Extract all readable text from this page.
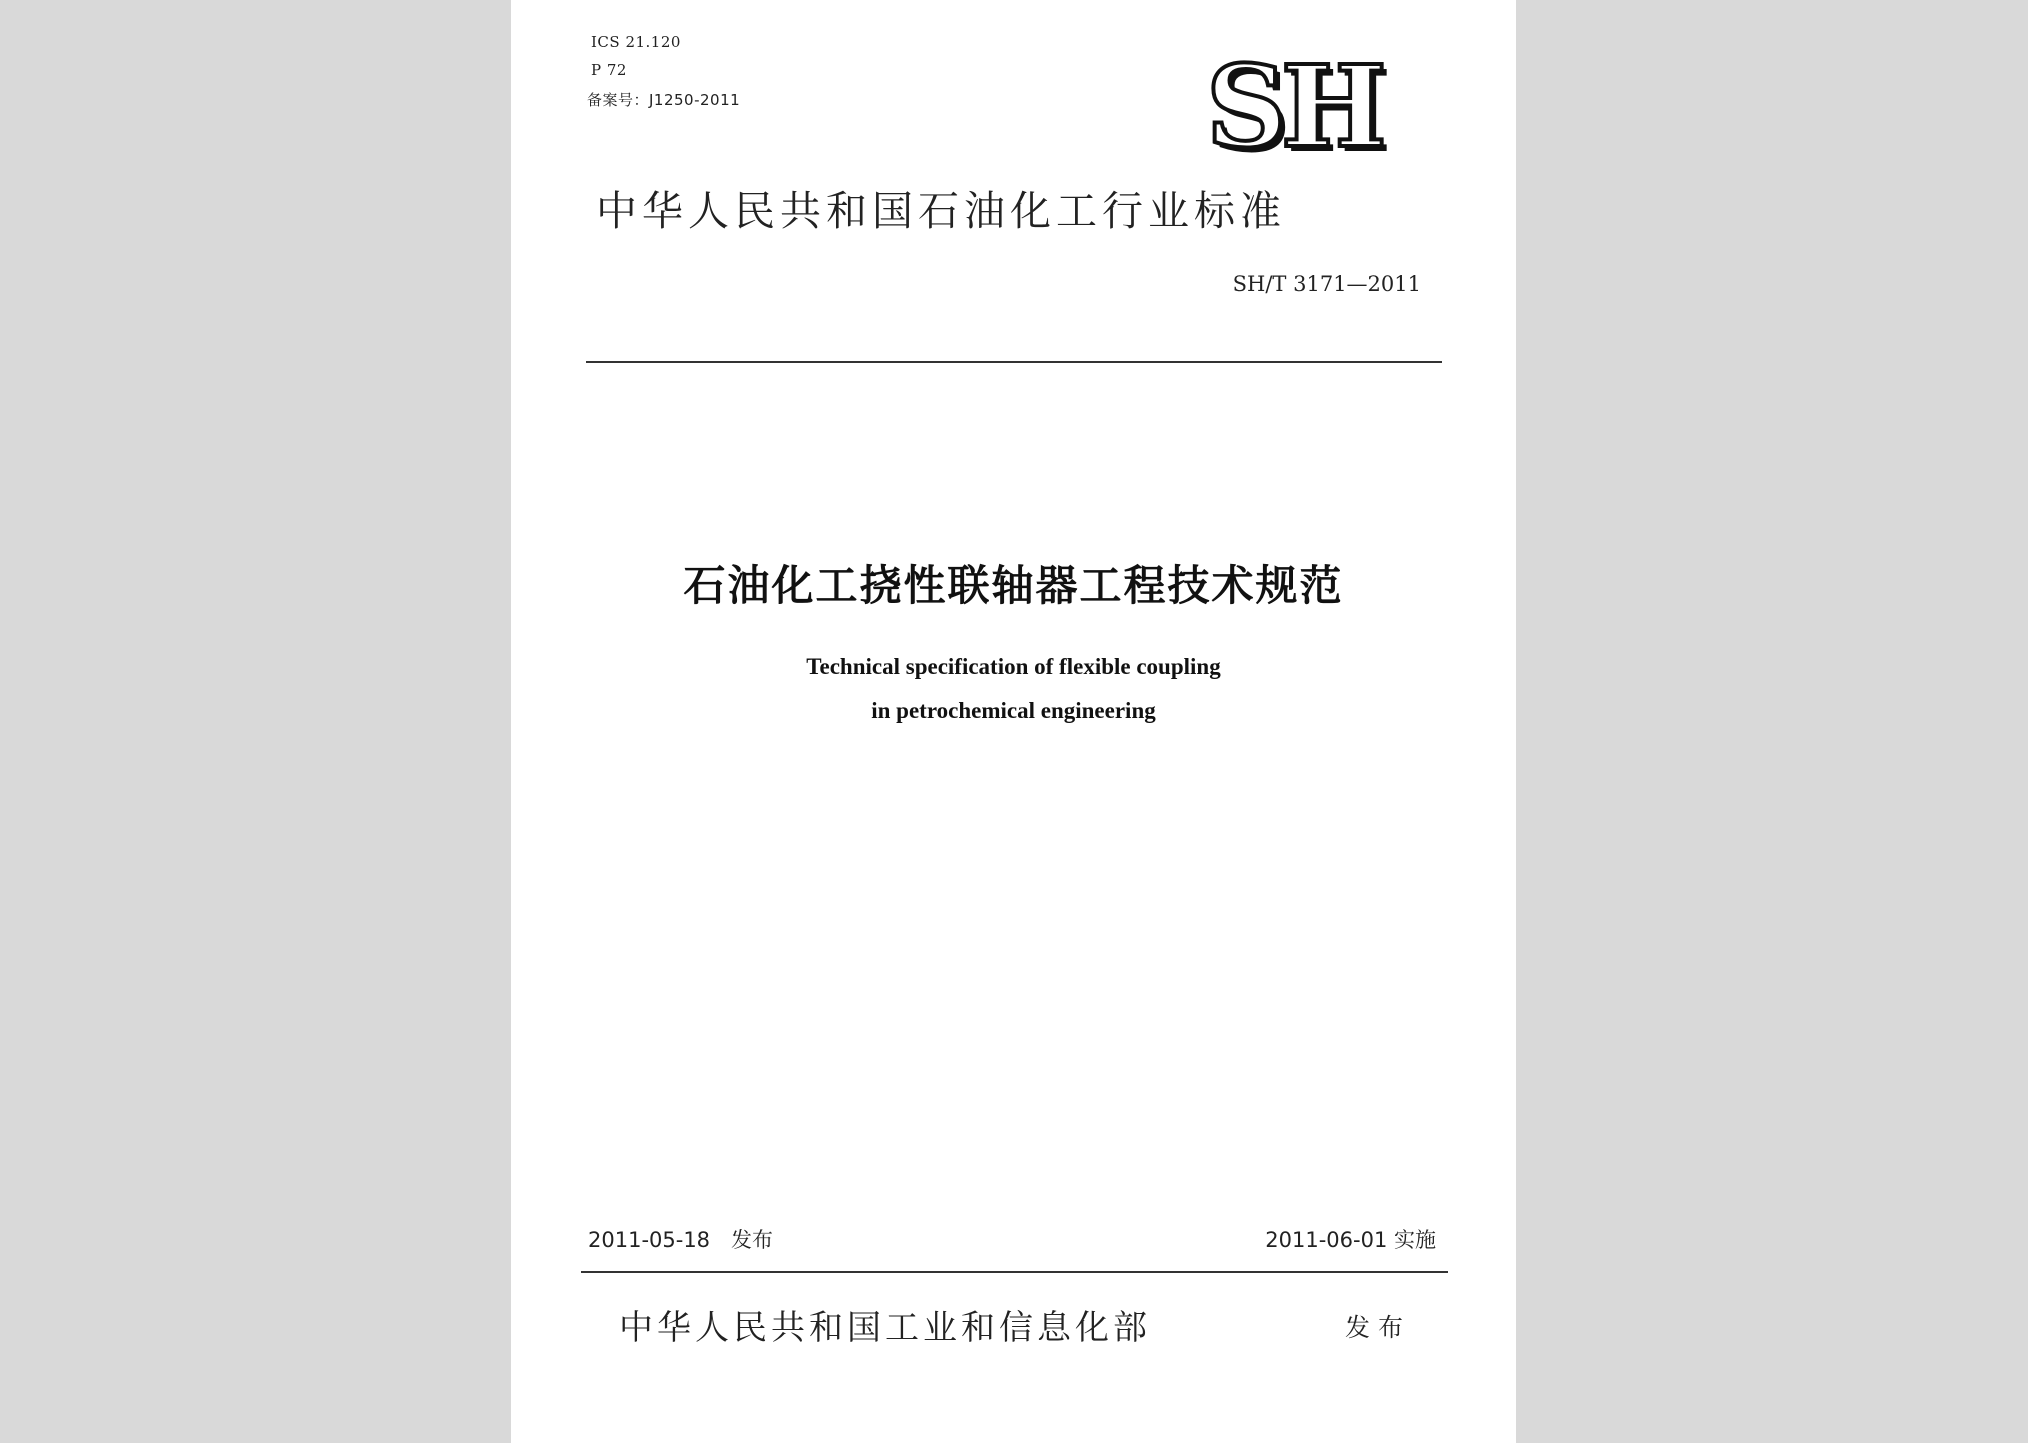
ICS 21.120
P 72
备案号：J1250-2011	SH
中华人民共和国石油化工行业标准
SH/T 3171—2011
石油化工挠性联轴器工程技术规范
Technical specification of flexible coupling
in petrochemical engineering
2011-05-18　发布	2011-06-01 实施
中华人民共和国工业和信息化部	发布
